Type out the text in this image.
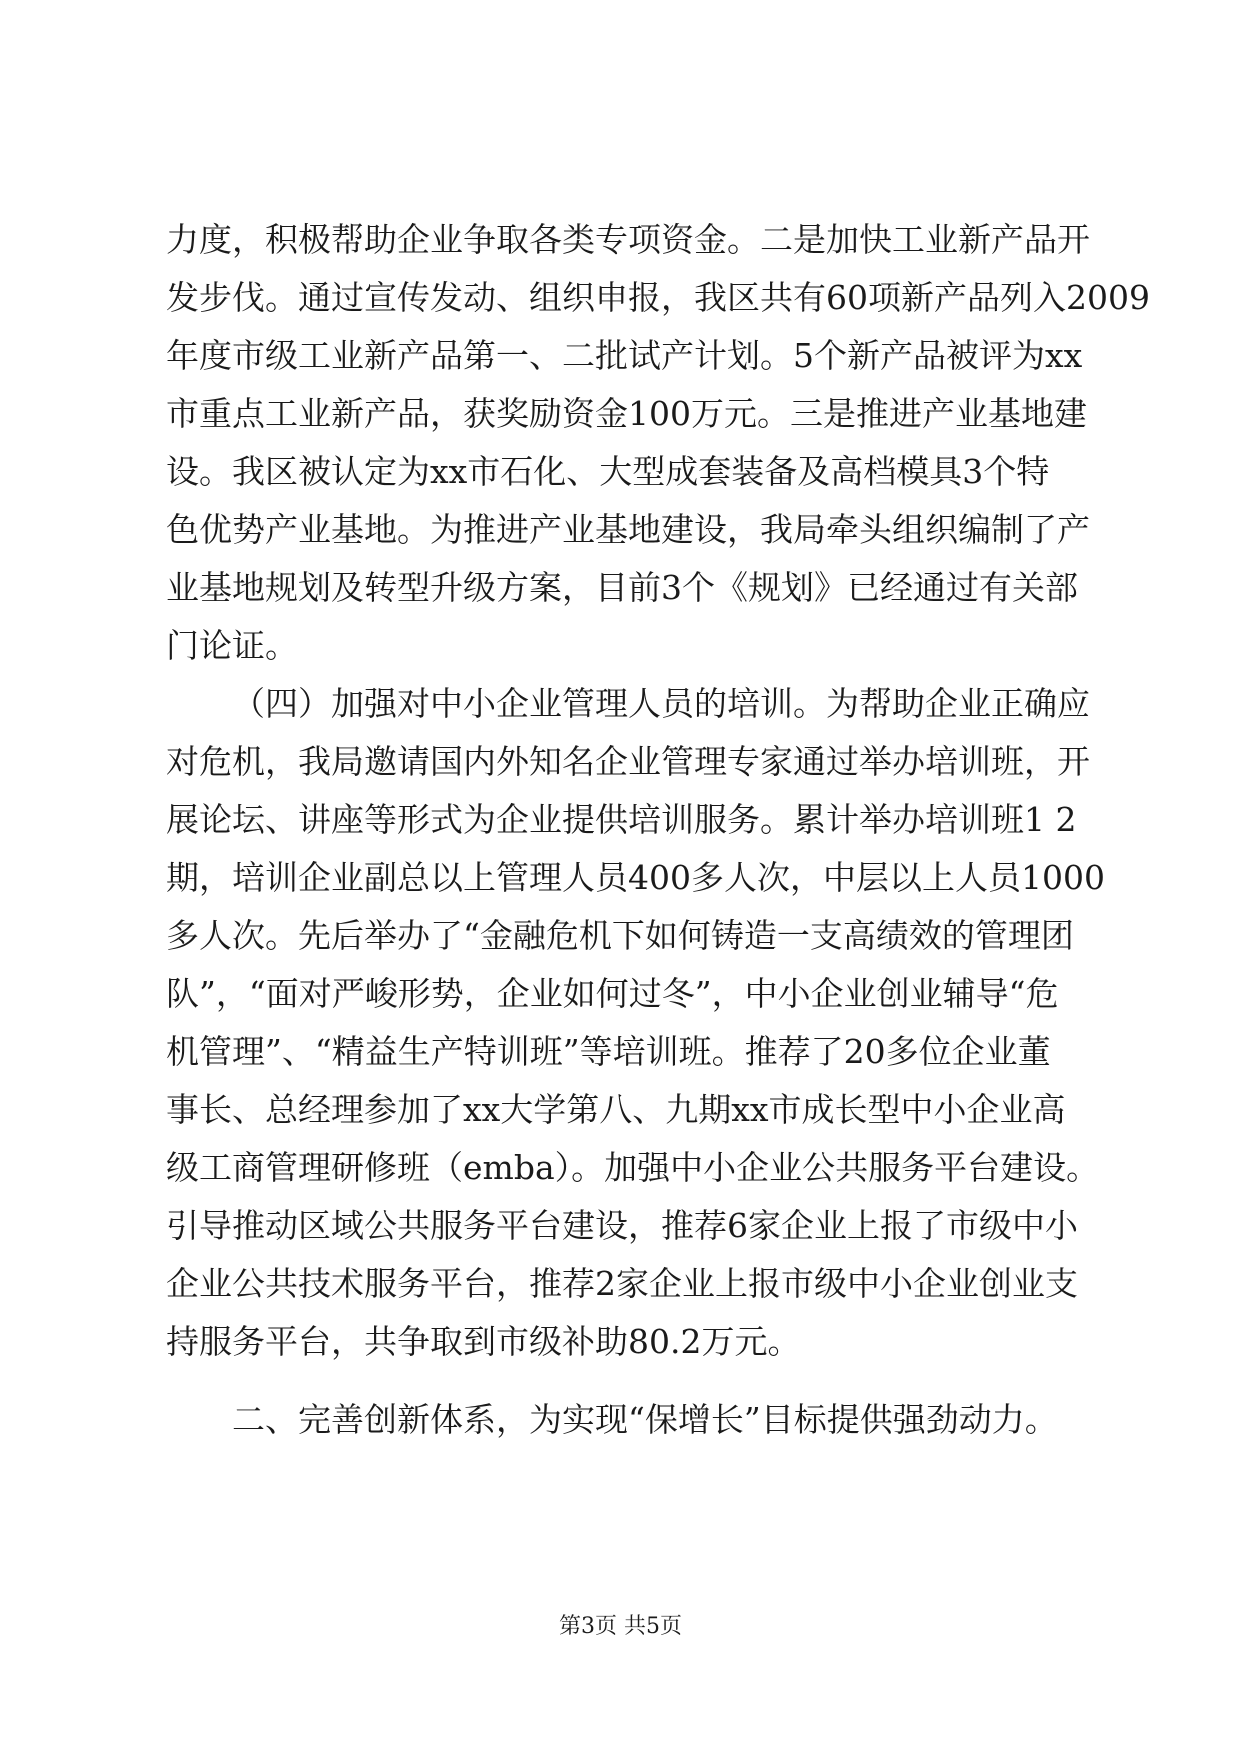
力度，积极帮助企业争取各类专项资金。二是加快工业新产品开
发步伐。通过宣传发动、组织申报，我区共有60项新产品列入2009
年度市级工业新产品第一、二批试产计划。5个新产品被评为xx
市重点工业新产品，获奖励资金100万元。三是推进产业基地建
设。我区被认定为xx市石化、大型成套装备及高档模具3个特
色优势产业基地。为推进产业基地建设，我局牵头组织编制了产
业基地规划及转型升级方案，目前3个《规划》已经通过有关部
门论证。
（四）加强对中小企业管理人员的培训。为帮助企业正确应
对危机，我局邀请国内外知名企业管理专家通过举办培训班，开
展论坛、讲座等形式为企业提供培训服务。累计举办培训班1 2
期，培训企业副总以上管理人员400多人次，中层以上人员1000
多人次。先后举办了“金融危机下如何铸造一支高绩效的管理团
队”，“面对严峻形势，企业如何过冬”，中小企业创业辅导“危
机管理”、“精益生产特训班”等培训班。推荐了20多位企业董
事长、总经理参加了xx大学第八、九期xx市成长型中小企业高
级工商管理研修班（emba）。加强中小企业公共服务平台建设。
引导推动区域公共服务平台建设，推荐6家企业上报了市级中小
企业公共技术服务平台，推荐2家企业上报市级中小企业创业支
持服务平台，共争取到市级补助80.2万元。
二、完善创新体系，为实现“保增长”目标提供强劲动力。
第3页 共5页
